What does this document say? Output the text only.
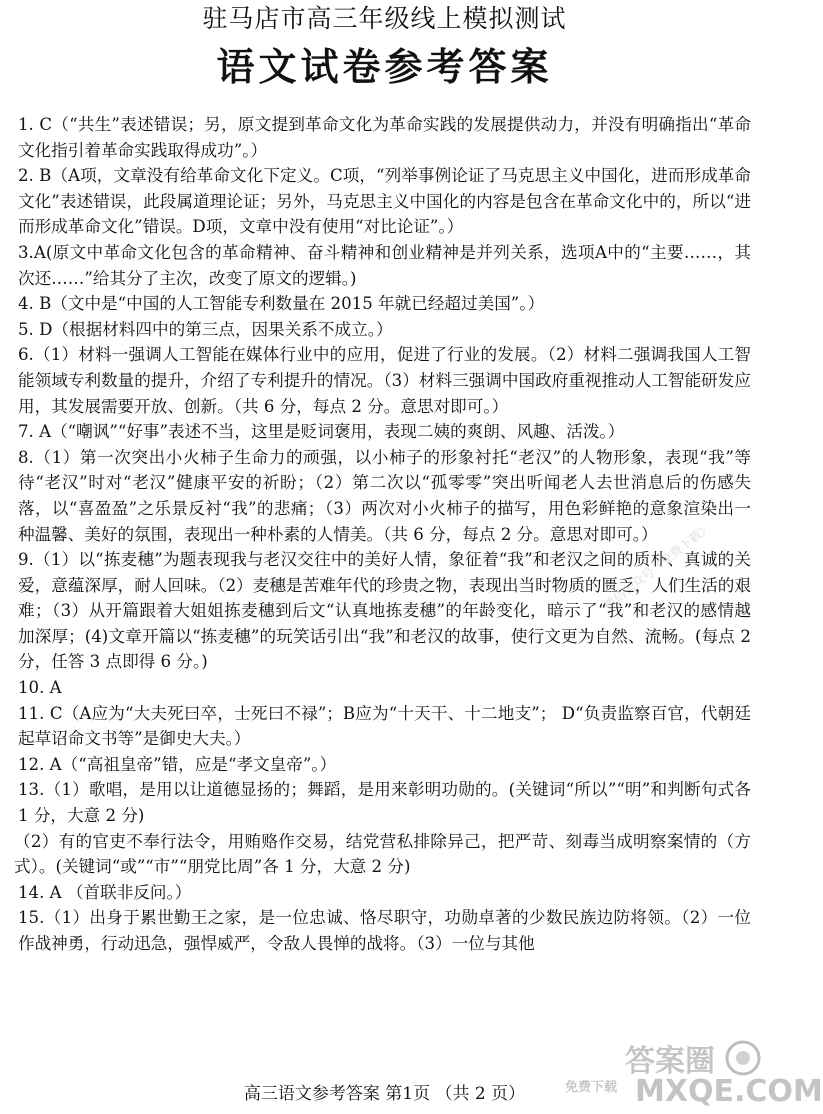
驻马店市高三年级线上模拟测试
语文试卷参考答案

1. C（“共生”表述错误；另，原文提到革命文化为革命实践的发展提供动力，并没有明确指出“革命文化指引着革命实践取得成功”。）

2. B（A项，文章没有给革命文化下定义。C项，“列举事例论证了马克思主义中国化，进而形成革命文化”表述错误，此段属道理论证；另外，马克思主义中国化的内容是包含在革命文化中的，所以“进而形成革命文化”错误。D项，文章中没有使用“对比论证”。）

3.A(原文中革命文化包含的革命精神、奋斗精神和创业精神是并列关系，选项A中的“主要……，其次还……”给其分了主次，改变了原文的逻辑。)

4. B（文中是“中国的人工智能专利数量在 2015 年就已经超过美国”。）

5. D（根据材料四中的第三点，因果关系不成立。）

6.（1）材料一强调人工智能在媒体行业中的应用，促进了行业的发展。（2）材料二强调我国人工智能领域专利数量的提升，介绍了专利提升的情况。（3）材料三强调中国政府重视推动人工智能研发应用，其发展需要开放、创新。（共 6 分，每点 2 分。意思对即可。）

7. A（“嘲讽”“好事”表述不当，这里是贬词褒用，表现二姨的爽朗、风趣、活泼。）

8.（1）第一次突出小火柿子生命力的顽强，以小柿子的形象衬托“老汉”的人物形象，表现“我”等待“老汉”时对“老汉”健康平安的祈盼；（2）第二次以“孤零零”突出听闻老人去世消息后的伤感失落，以“喜盈盈”之乐景反衬“我”的悲痛；（3）两次对小火柿子的描写，用色彩鲜艳的意象渲染出一种温馨、美好的氛围，表现出一种朴素的人情美。（共 6 分，每点 2 分。意思对即可。）

9.（1）以“拣麦穗”为题表现我与老汉交往中的美好人情，象征着“我”和老汉之间的质朴、真诚的关爱，意蕴深厚，耐人回味。（2）麦穗是苦难年代的珍贵之物，表现出当时物质的匮乏，人们生活的艰难；（3）从开篇跟着大姐姐拣麦穗到后文“认真地拣麦穗”的年龄变化，暗示了“我”和老汉的感情越加深厚；(4)文章开篇以“拣麦穗”的玩笑话引出“我”和老汉的故事，使行文更为自然、流畅。(每点 2 分，任答 3 点即得 6 分。)

10. A

11. C（A应为“大夫死曰卒，士死曰不禄”；B应为“十天干、十二地支”； D“负责监察百官，代朝廷起草诏命文书等”是御史大夫。）

12. A（“高祖皇帝”错，应是“孝文皇帝”。）

13.（1）歌唱，是用以让道德显扬的；舞蹈，是用来彰明功勋的。(关键词“所以”“明”和判断句式各 1 分，大意 2 分)

（2）有的官吏不奉行法令，用贿赂作交易，结党营私排除异己，把严苛、刻毒当成明察案情的（方式）。(关键词“或”“市”“朋党比周”各 1 分，大意 2 分)

14. A （首联非反问。）

15.（1）出身于累世勤王之家，是一位忠诚、恪尽职守，功勋卓著的少数民族边防将领。（2）一位作战神勇，行动迅急，强悍威严，令敌人畏惮的战将。（3）一位与其他

高三语文参考答案 第1页 （共 2 页）
微信公众号《免费下载》
答案圈
免费下载 MXQE.COM
